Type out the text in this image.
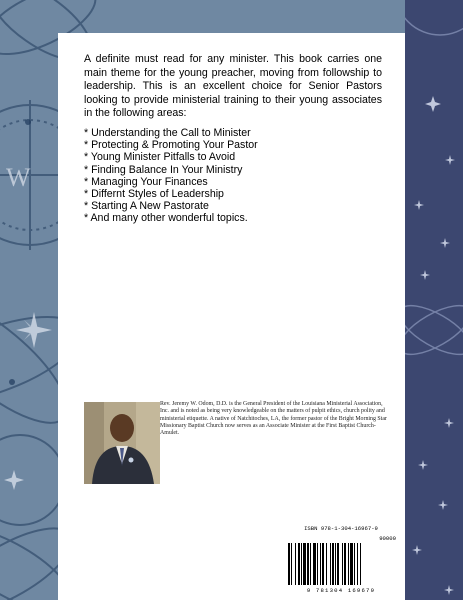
W
A definite must read for any minister. This book carries one main theme for the young preacher, moving from followship to leadership. This is an excellent choice for Senior Pastors looking to provide ministerial training to their young associates in the following areas:
* Understanding the Call to Minister
* Protecting & Promoting Your Pastor
* Young Minister Pitfalls to Avoid
* Finding Balance In Your Ministry
* Managing Your Finances
* Differnt Styles of Leadership
* Starting A New Pastorate
* And many other wonderful topics.
Rev. Jeremy W. Odom, D.D. is the General President of the Louisiana Ministerial Association, Inc. and is noted as being very knowledgeable on the matters of pulpit ethics, church polity and ministerial etiquette. A native of Natchitoches, LA, the former pastor of the Bright Morning Star Missionary Baptist Church now serves as an Associate Minister at the First Baptist Church-Amulet.
ISBN 978-1-304-16967-9
90000
9 781304 169679
